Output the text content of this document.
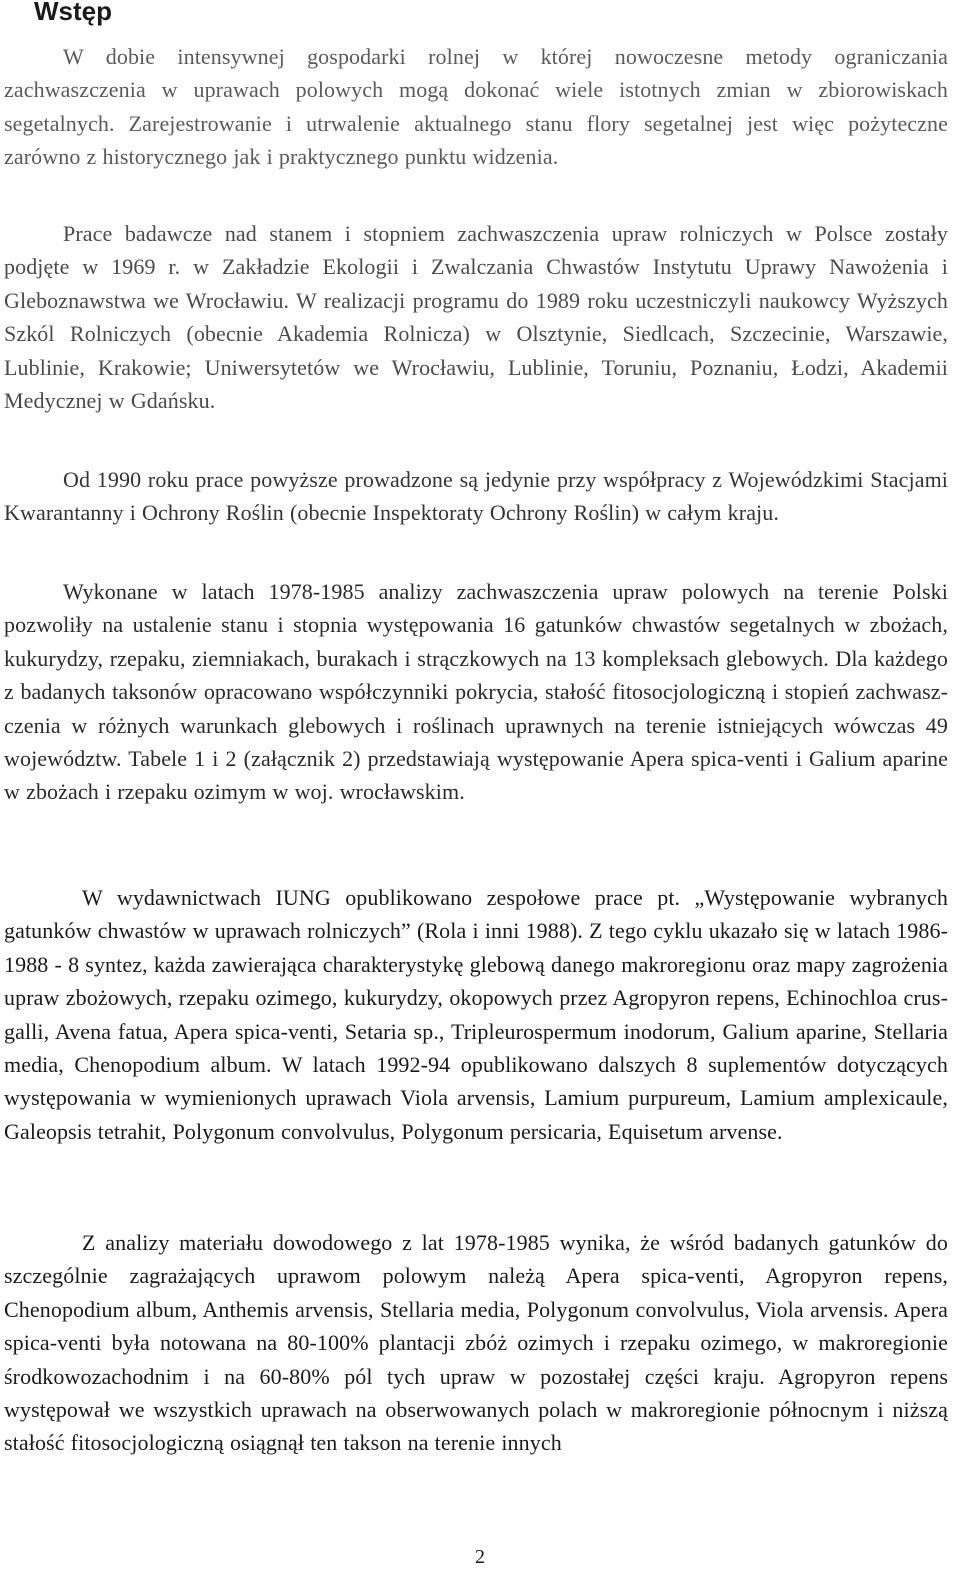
Wstęp

W dobie intensywnej gospodarki rolnej w której nowoczesne metody ograniczania zachwaszczenia w uprawach polowych mogą dokonać wiele istotnych zmian w zbiorowiskach segetalnych. Zarejestrowanie i utrwalenie aktualnego stanu flory segetalnej jest więc pożyteczne zarówno z historycznego jak i praktycznego punktu widzenia.

Prace badawcze nad stanem i stopniem zachwaszczenia upraw rolniczych w Polsce zostały podjęte w 1969 r. w Zakładzie Ekologii i Zwalczania Chwastów Instytutu Uprawy Nawożenia i Gleboznawstwa we Wrocławiu. W realizacji programu do 1989 roku uczestniczyli naukowcy Wyższych Szkól Rolniczych (obecnie Akademia Rolnicza) w Olsztynie, Siedlcach, Szczecinie, Warszawie, Lublinie, Krakowie; Uniwersytetów we Wrocławiu, Lublinie, Toruniu, Poznaniu, Łodzi, Akademii Medycznej w Gdańsku.

Od 1990 roku prace powyższe prowadzone są jedynie przy współpracy z Wojewódzkimi Stacjami Kwarantanny i Ochrony Roślin (obecnie Inspektoraty Ochrony Roślin) w całym kraju.

Wykonane w latach 1978-1985 analizy zachwaszczenia upraw polowych na terenie Polski pozwoliły na ustalenie stanu i stopnia występowania 16 gatunków chwastów segetalnych w zbożach, kukurydzy, rzepaku, ziemniakach, burakach i strączkowych na 13 kompleksach glebowych. Dla każdego z badanych taksonów opracowano współczynniki pokrycia, stałość fitosocjologiczną i stopień zachwaszczenia w różnych warunkach glebowych i roślinach uprawnych na terenie istniejących wówczas 49 województw. Tabele 1 i 2 (załącznik 2) przedstawiają występowanie Apera spica-venti i Galium aparine w zbożach i rzepaku ozimym w woj. wrocławskim.

W wydawnictwach IUNG opublikowano zespołowe prace pt. „Występowanie wybranych gatunków chwastów w uprawach rolniczych” (Rola i inni 1988). Z tego cyklu ukazało się w latach 1986-1988 - 8 syntez, każda zawierająca charakterystykę glebową danego makroregionu oraz mapy zagrożenia upraw zbożowych, rzepaku ozimego, kukurydzy, okopowych przez Agropyron repens, Echinochloa crus-galli, Avena fatua, Apera spica-venti, Setaria sp., Tripleurospermum inodorum, Galium aparine, Stellaria media, Chenopodium album. W latach 1992-94 opublikowano dalszych 8 suplementów dotyczących występowania w wymienionych uprawach Viola arvensis, Lamium purpureum, Lamium amplexicaule, Galeopsis tetrahit, Polygonum convolvulus, Polygonum persicaria, Equisetum arvense.

Z analizy materiału dowodowego z lat 1978-1985 wynika, że wśród badanych gatunków do szczególnie zagrażających uprawom polowym należą Apera spica-venti, Agropyron repens, Chenopodium album, Anthemis arvensis, Stellaria media, Polygonum convolvulus, Viola arvensis. Apera spica-venti była notowana na 80-100% plantacji zbóż ozimych i rzepaku ozimego, w makroregionie środkowozachodnim i na 60-80% pól tych upraw w pozostałej części kraju. Agropyron repens występował we wszystkich uprawach na obserwowanych polach w makroregionie północnym i niższą stałość fitosocjologiczną osiągnął ten takson na terenie innych

2
